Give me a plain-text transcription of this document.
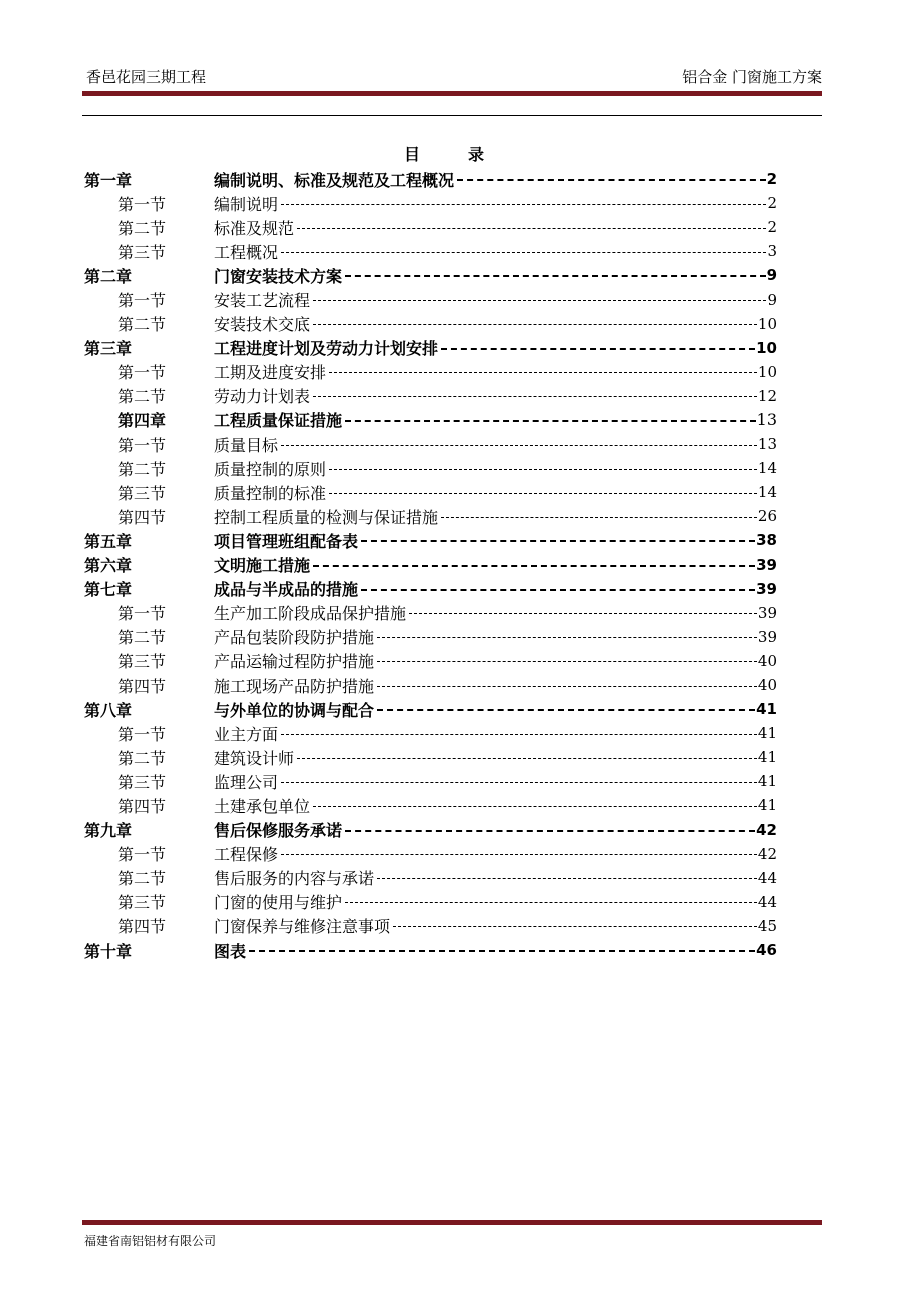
香邑花园三期工程	铝合金 门窗施工方案
目	录
第一章	编制说明、标准及规范及工程概况	2
第一节	编制说明	2
第二节	标准及规范	2
第三节	工程概况	3
第二章	门窗安装技术方案	9
第一节	安装工艺流程	9
第二节	安装技术交底	10
第三章	工程进度计划及劳动力计划安排	10
第一节	工期及进度安排	10
第二节	劳动力计划表	12
第四章	工程质量保证措施	13
第一节	质量目标	13
第二节	质量控制的原则	14
第三节	质量控制的标准	14
第四节	控制工程质量的检测与保证措施	26
第五章	项目管理班组配备表	38
第六章	文明施工措施	39
第七章	成品与半成品的措施	39
第一节	生产加工阶段成品保护措施	39
第二节	产品包装阶段防护措施	39
第三节	产品运输过程防护措施	40
第四节	施工现场产品防护措施	40
第八章	与外单位的协调与配合	41
第一节	业主方面	41
第二节	建筑设计师	41
第三节	监理公司	41
第四节	土建承包单位	41
第九章	售后保修服务承诺	42
第一节	工程保修	42
第二节	售后服务的内容与承诺	44
第三节	门窗的使用与维护	44
第四节	门窗保养与维修注意事项	45
第十章	图表	46
福建省南铝铝材有限公司
